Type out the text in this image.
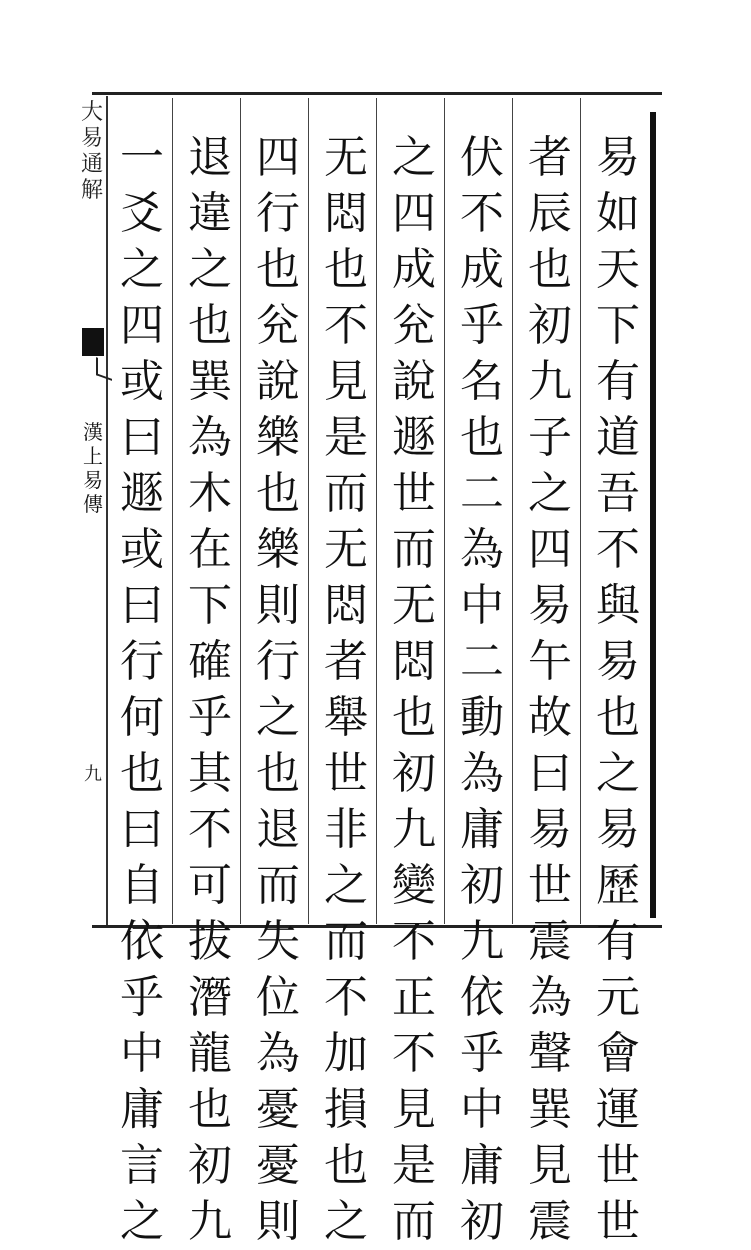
大
易
通
解
漢
上
易
傳
九
易
如
天
下
有
道
吾
不
與
易
也
之
易
歷
有
元
會
運
世
世
者
辰
也
初
九
子
之
四
易
午
故
曰
易
世
震
為
聲
巽
見
震
伏
不
成
乎
名
也
二
為
中
二
動
為
庸
初
九
依
乎
中
庸
初
之
四
成
兊
說
遯
世
而
无
悶
也
初
九
變
不
正
不
見
是
而
无
悶
也
不
見
是
而
无
悶
者
舉
世
非
之
而
不
加
損
也
之
四
行
也
兊
說
樂
也
樂
則
行
之
也
退
而
失
位
為
憂
憂
則
退
違
之
也
巽
為
木
在
下
確
乎
其
不
可
拔
潛
龍
也
初
九
一
爻
之
四
或
曰
遯
或
曰
行
何
也
曰
自
依
乎
中
庸
言
之
